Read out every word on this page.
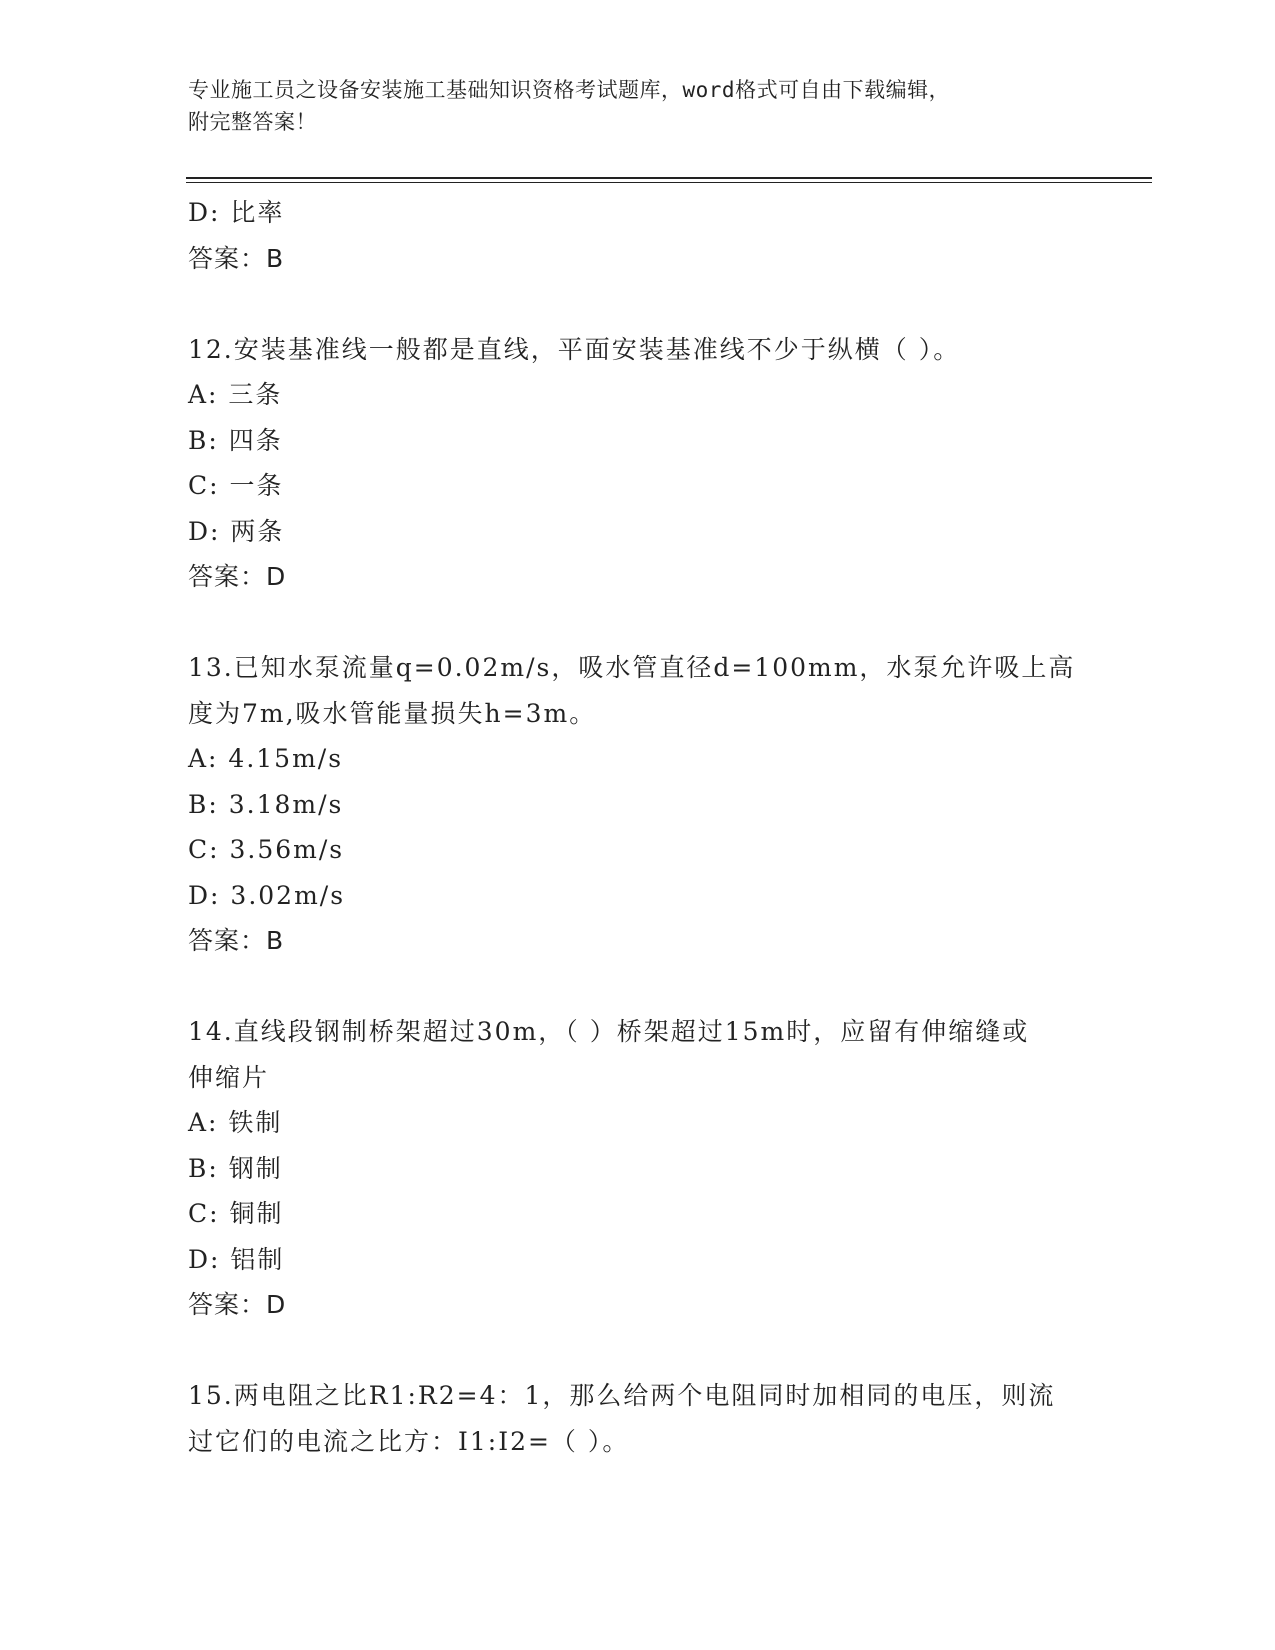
专业施工员之设备安装施工基础知识资格考试题库，word格式可自由下载编辑，
附完整答案！
D: 比率
答案：B
12.安装基准线一般都是直线，平面安装基准线不少于纵横（ ）。
A: 三条
B: 四条
C: 一条
D: 两条
答案：D
13.已知水泵流量q=0.02m/s，吸水管直径d=100mm，水泵允许吸上高
度为7m,吸水管能量损失h=3m。
A: 4.15m/s
B: 3.18m/s
C: 3.56m/s
D: 3.02m/s
答案：B
14.直线段钢制桥架超过30m，（ ）桥架超过15m时，应留有伸缩缝或
伸缩片
A: 铁制
B: 钢制
C: 铜制
D: 铝制
答案：D
15.两电阻之比R1:R2=4：1，那么给两个电阻同时加相同的电压，则流
过它们的电流之比方：I1:I2=（ ）。
